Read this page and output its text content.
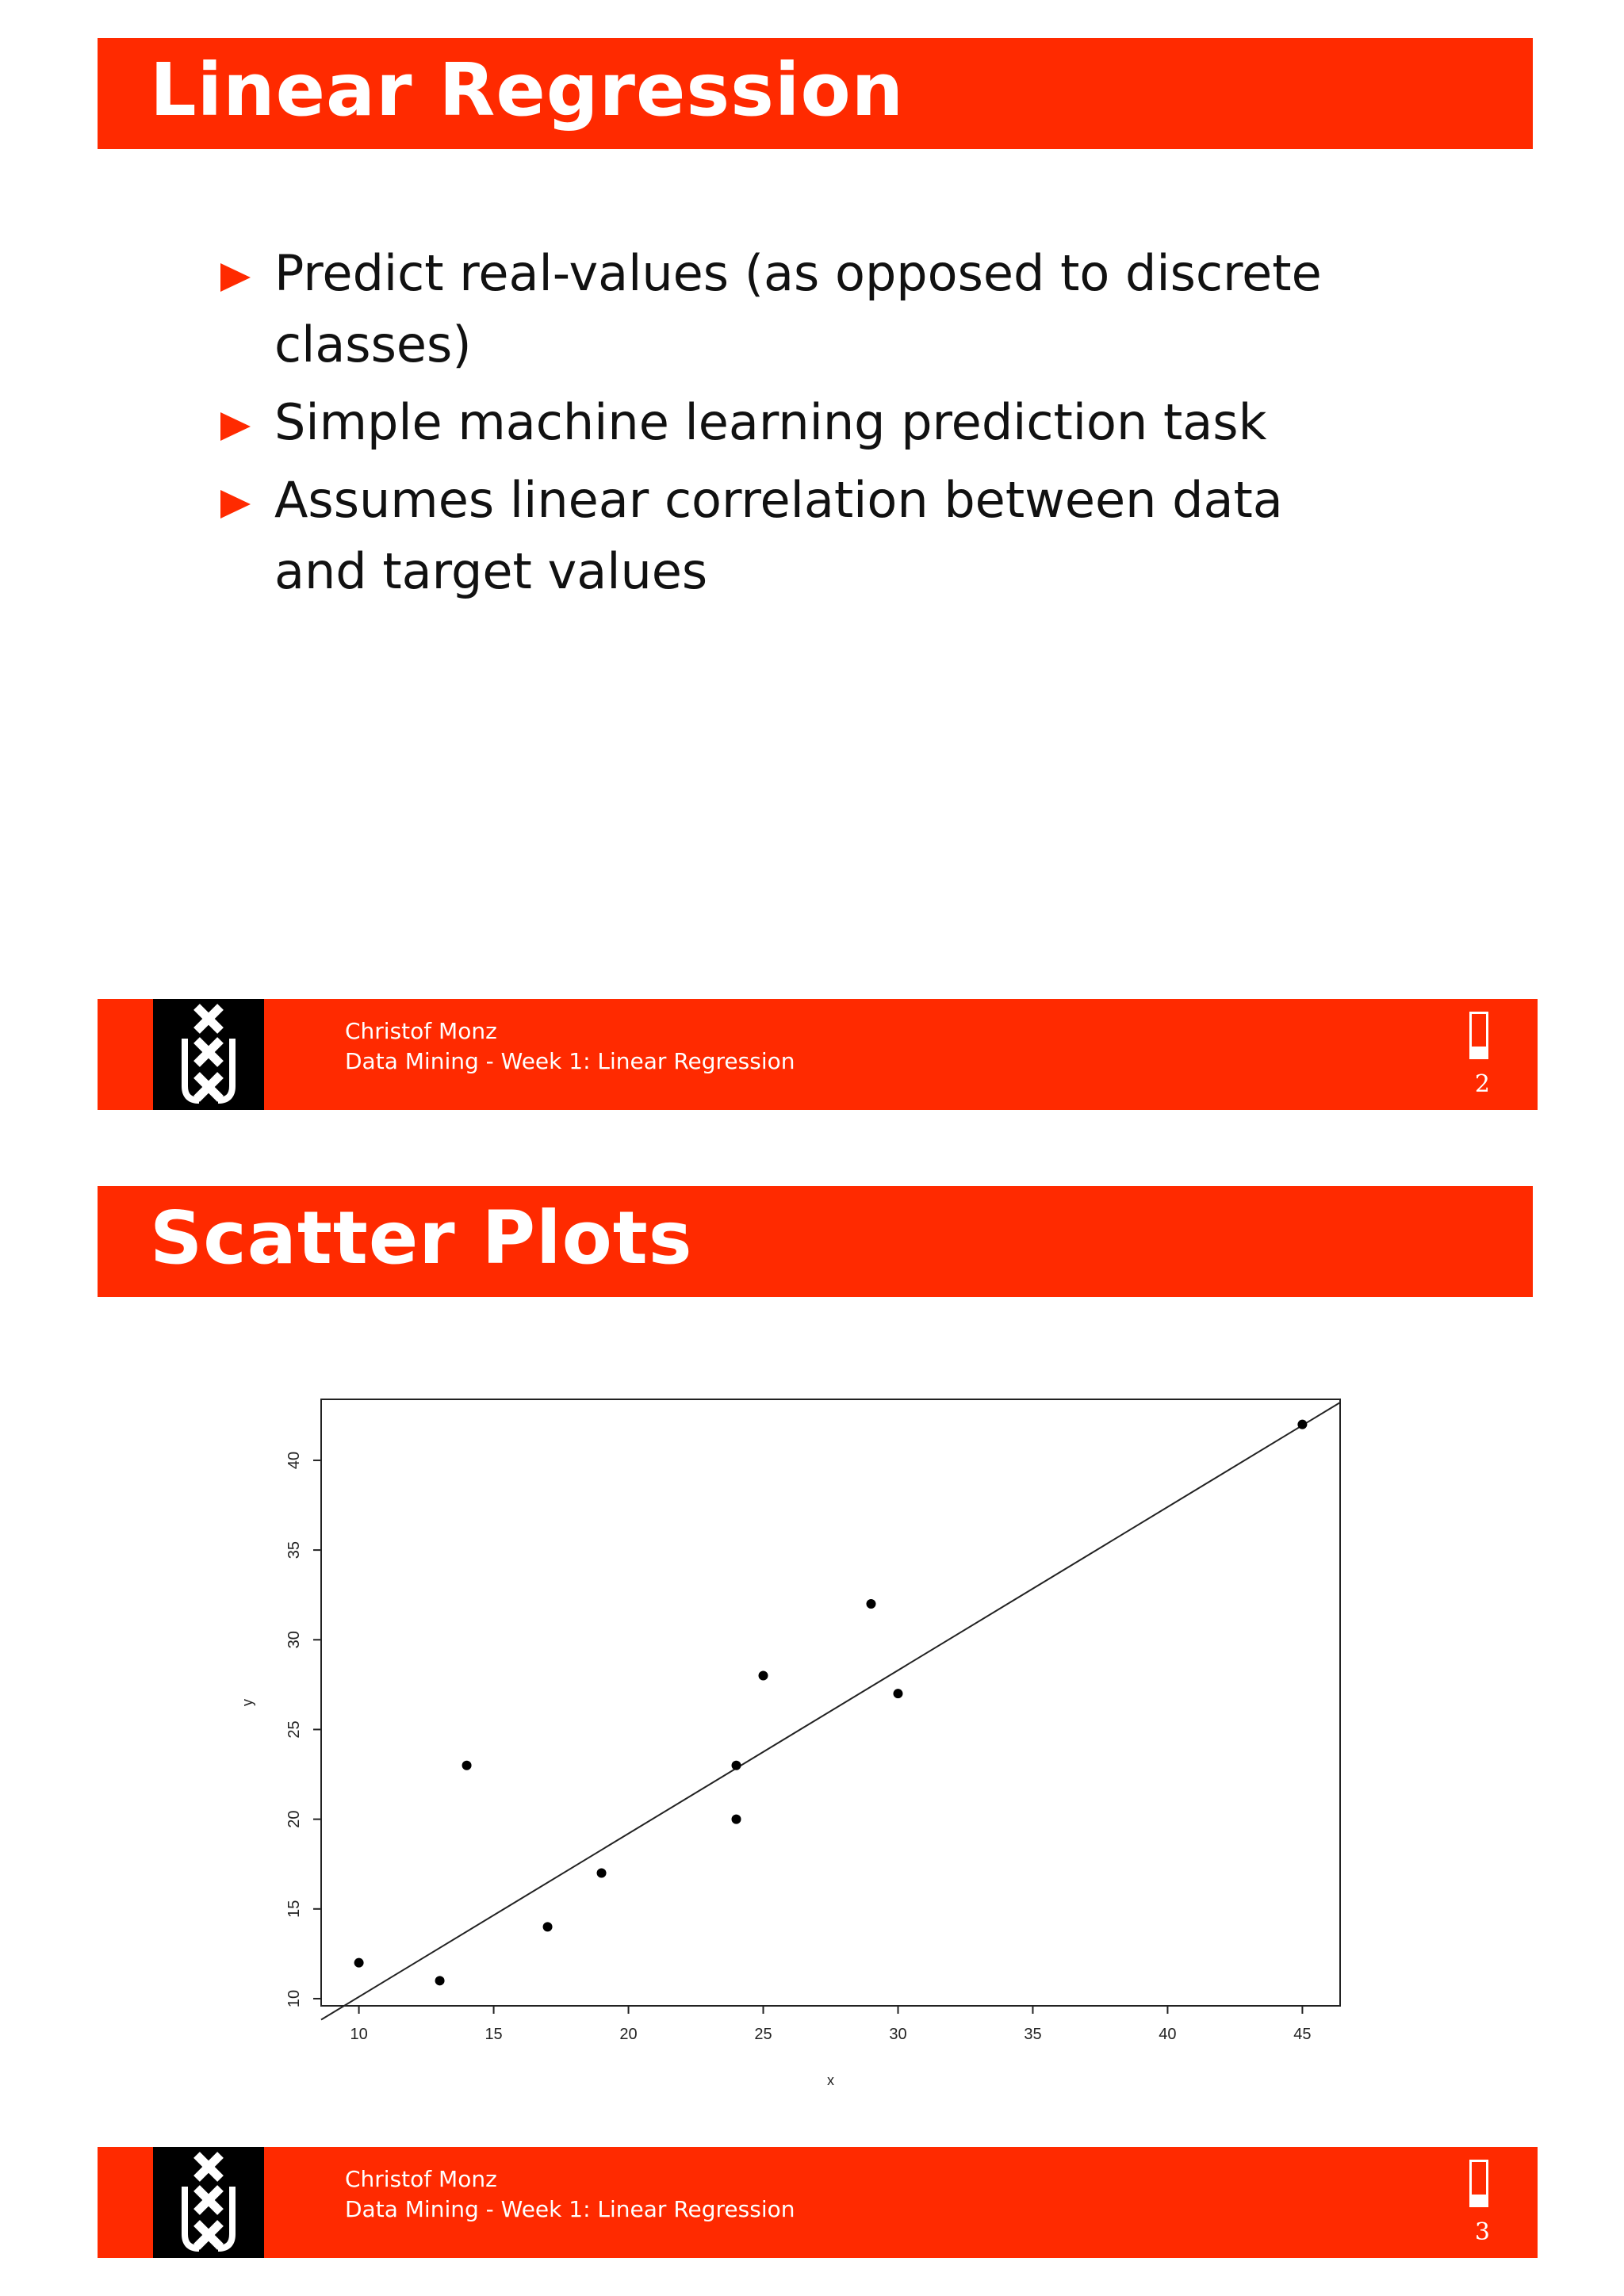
Linear Regression
Predict real-values (as opposed to discrete classes)
Simple machine learning prediction task
Assumes linear correlation between data and target values
Christof Monz
Data Mining - Week 1: Linear Regression
2
Scatter Plots
10	15	20	25	30	35	40	45
10
15
20
25
30
35
40
x
y
Christof Monz
Data Mining - Week 1: Linear Regression
3
